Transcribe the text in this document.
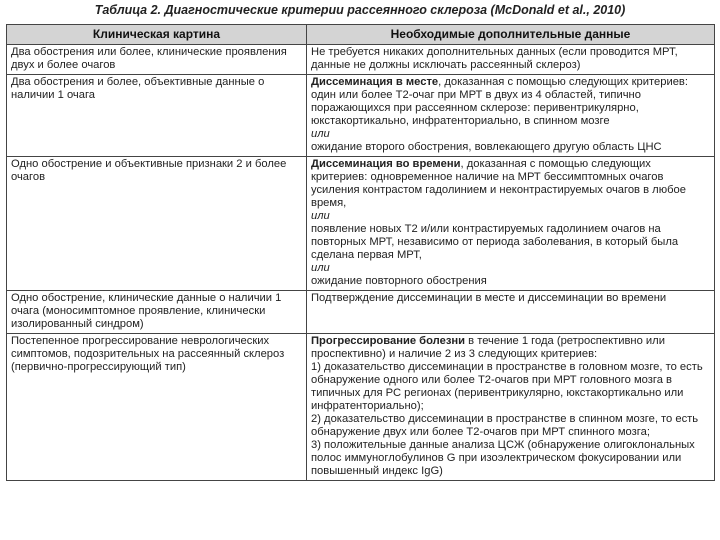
Таблица 2. Диагностические критерии рассеянного склероза (McDonald et al., 2010)
Клиническая картина	Необходимые дополнительные данные
Два обострения или более, клинические проявления двух и более очагов	Не требуется никаких дополнительных данных (если проводится МРТ, данные не должны исключать рассеянный склероз)
Два обострения и более, объективные данные о наличии 1 очага	Диссеминация в месте, доказанная с помощью следующих критериев: один или более Т2-очаг при МРТ в двух из 4 областей, типично поражающихся при рассеянном склерозе: перивентрикулярно, юкстакортикально, инфратенториально, в спинном мозге
или
ожидание второго обострения, вовлекающего другую область ЦНС

Одно обострение и объективные признаки 2 и более очагов	Диссеминация во времени, доказанная с помощью следующих критериев: одновременное наличие на МРТ бессимптомных очагов усиления контрастом гадолинием и неконтрастируемых очагов в любое время,
или
появление новых Т2 и/или контрастируемых гадолинием очагов на повторных МРТ, независимо от периода заболевания, в который была сделана первая МРТ,
или
ожидание повторного обострения

Одно обострение, клинические данные о наличии 1 очага (моносимптомное проявление, клинически изолированный синдром)	Подтверждение диссеминации в месте и диссеминации во времени
Постепенное прогрессирование неврологических симптомов, подозрительных на рассеянный склероз (первично-прогрессирующий тип)	Прогрессирование болезни в течение 1 года (ретроспективно или проспективно) и наличие 2 из 3 следующих критериев:
1) доказательство диссеминации в пространстве в головном мозге, то есть обнаружение одного или более Т2-очагов при МРТ головного мозга в типичных для РС регионах (перивентрикулярно, юкстакортикально или инфратенториально);
2) доказательство диссеминации в пространстве в спинном мозге, то есть обнаружение двух или более Т2-очагов при МРТ спинного мозга;
3) положительные данные анализа ЦСЖ (обнаружение олигоклональных полос иммуноглобулинов G при изоэлектрическом фокусировании или повышенный индекс IgG)
